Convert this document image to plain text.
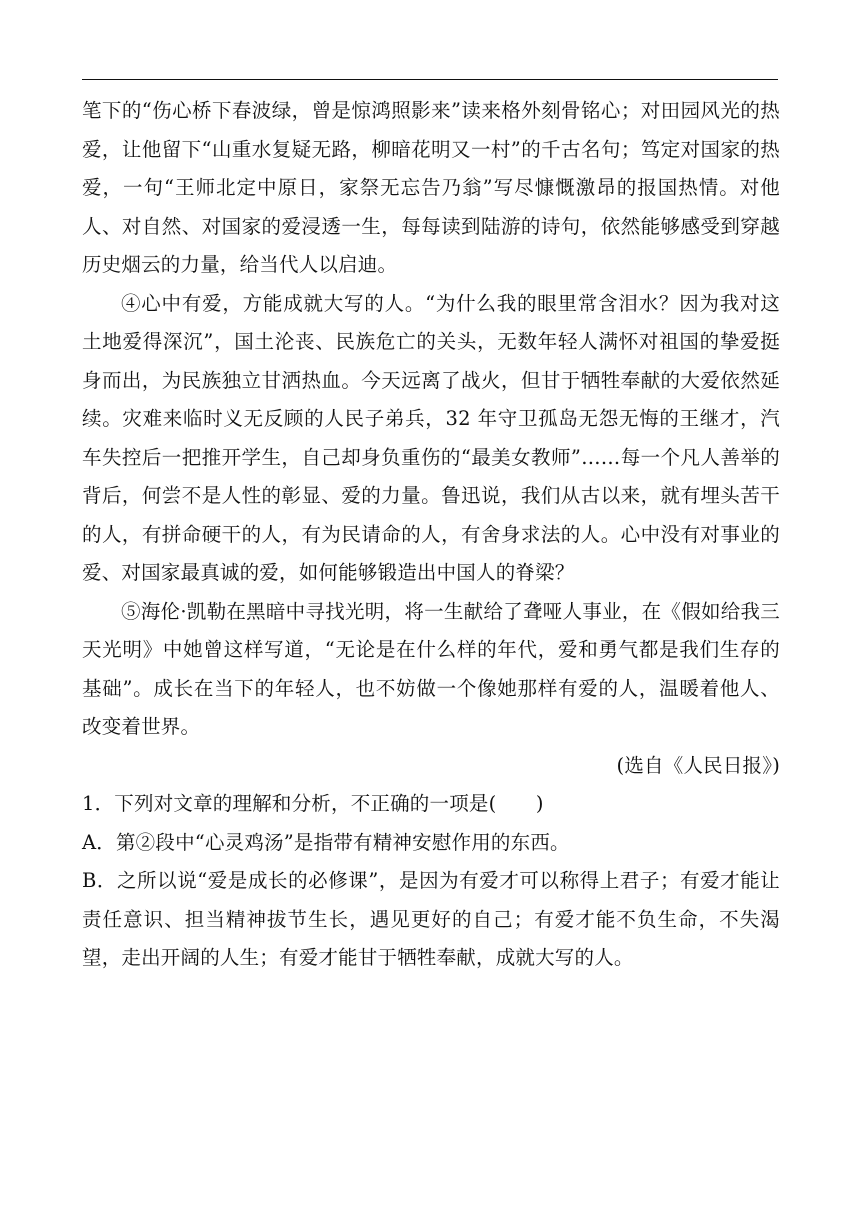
笔下的“伤心桥下春波绿，曾是惊鸿照影来”读来格外刻骨铭心；对田园风光的热爱，让他留下“山重水复疑无路，柳暗花明又一村”的千古名句；笃定对国家的热爱，一句“王师北定中原日，家祭无忘告乃翁”写尽慷慨激昂的报国热情。对他人、对自然、对国家的爱浸透一生，每每读到陆游的诗句，依然能够感受到穿越历史烟云的力量，给当代人以启迪。

④心中有爱，方能成就大写的人。“为什么我的眼里常含泪水？因为我对这土地爱得深沉”，国土沦丧、民族危亡的关头，无数年轻人满怀对祖国的挚爱挺身而出，为民族独立甘洒热血。今天远离了战火，但甘于牺牲奉献的大爱依然延续。灾难来临时义无反顾的人民子弟兵，32 年守卫孤岛无怨无悔的王继才，汽车失控后一把推开学生，自己却身负重伤的“最美女教师”……每一个凡人善举的背后，何尝不是人性的彰显、爱的力量。鲁迅说，我们从古以来，就有埋头苦干的人，有拼命硬干的人，有为民请命的人，有舍身求法的人。心中没有对事业的爱、对国家最真诚的爱，如何能够锻造出中国人的脊梁？

⑤海伦·凯勒在黑暗中寻找光明，将一生献给了聋哑人事业，在《假如给我三天光明》中她曾这样写道，“无论是在什么样的年代，爱和勇气都是我们生存的基础”。成长在当下的年轻人，也不妨做一个像她那样有爱的人，温暖着他人、改变着世界。

(选自《人民日报》)

1．下列对文章的理解和分析，不正确的一项是(　　)

A．第②段中“心灵鸡汤”是指带有精神安慰作用的东西。

B．之所以说“爱是成长的必修课”，是因为有爱才可以称得上君子；有爱才能让责任意识、担当精神拔节生长，遇见更好的自己；有爱才能不负生命，不失渴望，走出开阔的人生；有爱才能甘于牺牲奉献，成就大写的人。
